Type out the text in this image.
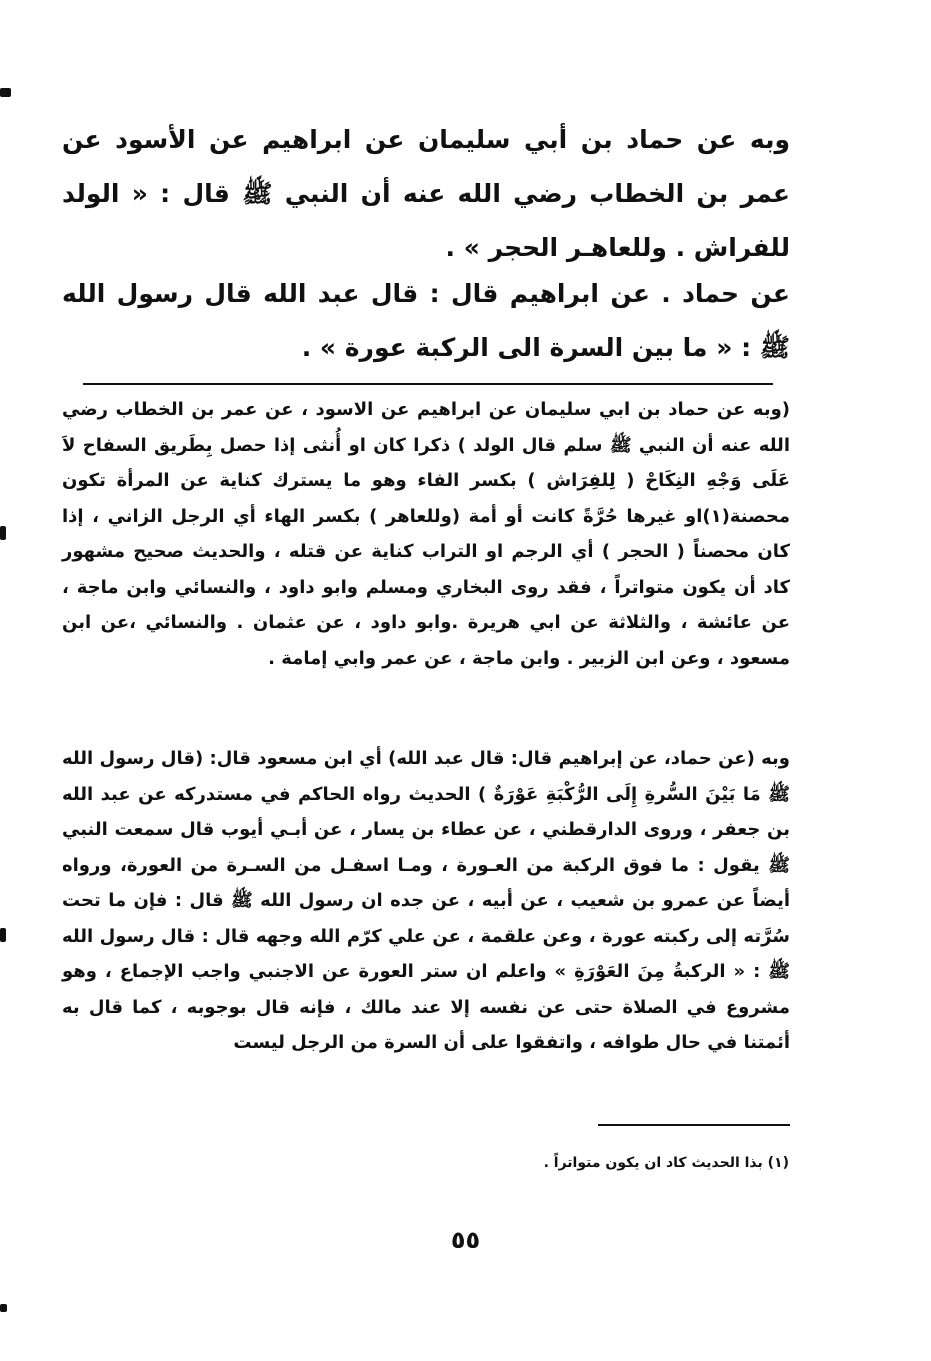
وبه عن حماد بن أبي سليمان عن ابراهيم عن الأسود عن عمر بن الخطاب رضي الله عنه أن النبي ﷺ قال : « الولد للفراش . وللعاهـر الحجر » .

عن حماد . عن ابراهيم قال : قال عبد الله قال رسول الله ﷺ : « ما بين السرة الى الركبة عورة » .

(وبه عن حماد بن ابي سليمان عن ابراهيم عن الاسود ، عن عمر بن الخطاب رضي الله عنه أن النبي ﷺ سلم قال الولد ) ذكرا كان او أُنثى إذا حصل بِطَريق السفاح لاَ عَلَى وَجْهِ النِكَاحْ ( لِلفِرَاش ) بكسر الفاء وهو ما يسترك كناية عن المرأة تكون محصنة(١)او غيرها حُرَّةً كانت أو أمة (وللعاهر ) بكسر الهاء أي الرجل الزاني ، إذا كان محصناً ( الحجر ) أي الرجم او التراب كناية عن قتله ، والحديث صحيح مشهور كاد أن يكون متواتراً ، فقد روى البخاري ومسلم وابو داود ، والنسائي وابن ماجة ، عن عائشة ، والثلاثة عن ابي هريرة .وابو داود ، عن عثمان . والنسائي ،عن ابن مسعود ، وعن ابن الزبير . وابن ماجة ، عن عمر وابي إمامة .

وبه (عن حماد، عن إبراهيم قال: قال عبد الله) أي ابن مسعود قال: (قال رسول الله ﷺ مَا بَيْنَ السُّرةِ إِلَى الرُّكْبَةِ عَوْرَةٌ ) الحديث رواه الحاكم في مستدركه عن عبد الله بن جعفر ، وروى الدارقطني ، عن عطاء بن يسار ، عن أبـي أيوب قال سمعت النبي ﷺ يقول : ما فوق الركبة من العـورة ، ومـا اسفـل من السـرة من العورة، ورواه أيضاً عن عمرو بن شعيب ، عن أبيه ، عن جده ان رسول الله ﷺ قال : فإن ما تحت سُرَّته إلى ركبته عورة ، وعن علقمة ، عن علي كرّم الله وجهه قال : قال رسول الله ﷺ : « الركبةُ مِنَ العَوْرَةِ » واعلم ان ستر العورة عن الاجنبي واجب الإجماع ، وهو مشروع في الصلاة حتى عن نفسه إلا عند مالك ، فإنه قال بوجوبه ، كما قال به أئمتنا في حال طوافه ، واتفقوا على أن السرة من الرجل ليست

(١) بذا الحديث كاد ان يكون متواتراً .

٥٥
